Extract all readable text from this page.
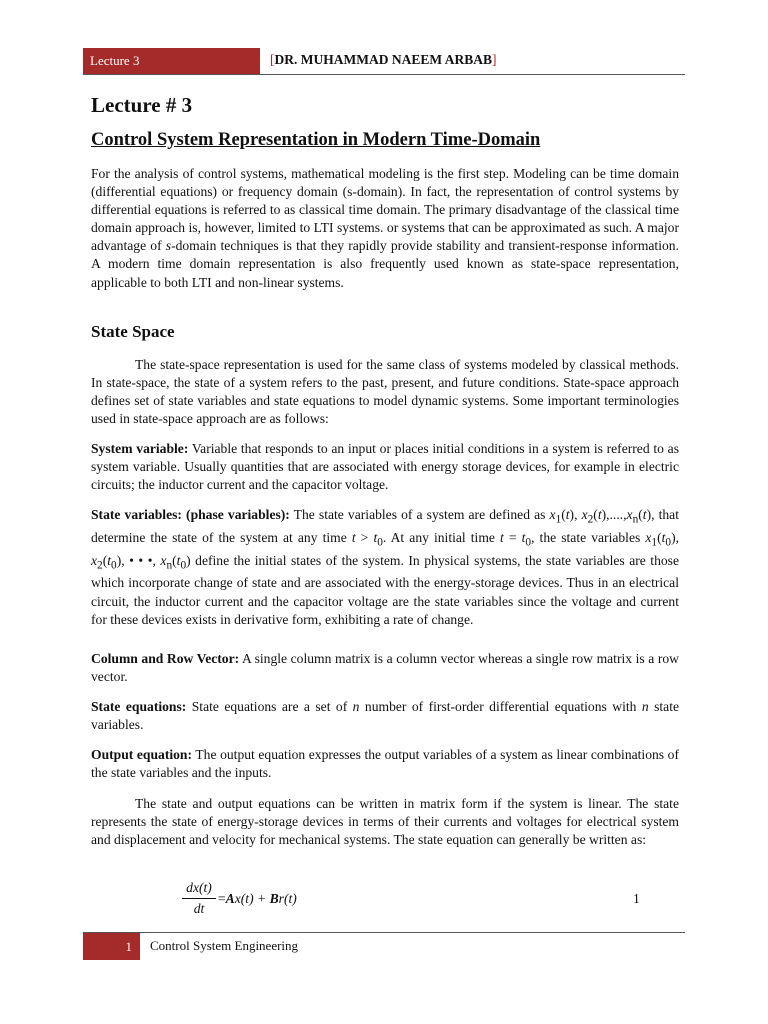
Lecture 3	[DR. MUHAMMAD NAEEM ARBAB]
Lecture # 3
Control System Representation in Modern Time-Domain

For the analysis of control systems, mathematical modeling is the first step. Modeling can be time domain (differential equations) or frequency domain (s-domain). In fact, the representation of control systems by differential equations is referred to as classical time domain. The primary disadvantage of the classical time domain approach is, however, limited to LTI systems. or systems that can be approximated as such. A major advantage of s-domain techniques is that they rapidly provide stability and transient-response information. A modern time domain representation is also frequently used known as state-space representation, applicable to both LTI and non-linear systems.

State Space

The state-space representation is used for the same class of systems modeled by classical methods. In state-space, the state of a system refers to the past, present, and future conditions. State-space approach defines set of state variables and state equations to model dynamic systems. Some important terminologies used in state-space approach are as follows:

System variable: Variable that responds to an input or places initial conditions in a system is referred to as system variable. Usually quantities that are associated with energy storage devices, for example in electric circuits; the inductor current and the capacitor voltage.

State variables: (phase variables): The state variables of a system are defined as $x_1(t)$, $x_2(t),....,x_n(t)$, that determine the state of the system at any time $t > t_0$. At any initial time $t = t_0$, the state variables $x_1(t_0)$, $x_2(t_0)$, • • •, $x_n(t_0)$ define the initial states of the system. In physical systems, the state variables are those which incorporate change of state and are associated with the energy-storage devices. Thus in an electrical circuit, the inductor current and the capacitor voltage are the state variables since the voltage and current for these devices exists in derivative form, exhibiting a rate of change.

Column and Row Vector: A single column matrix is a column vector whereas a single row matrix is a row vector.

State equations: State equations are a set of n number of first-order differential equations with n state variables.

Output equation: The output equation expresses the output variables of a system as linear combinations of the state variables and the inputs.

The state and output equations can be written in matrix form if the system is linear. The state represents the state of energy-storage devices in terms of their currents and voltages for electrical system and displacement and velocity for mechanical systems. The state equation can generally be written as:

dx(t)
dt
=Ax(t) + Br(t)	1
1 Control System Engineering
